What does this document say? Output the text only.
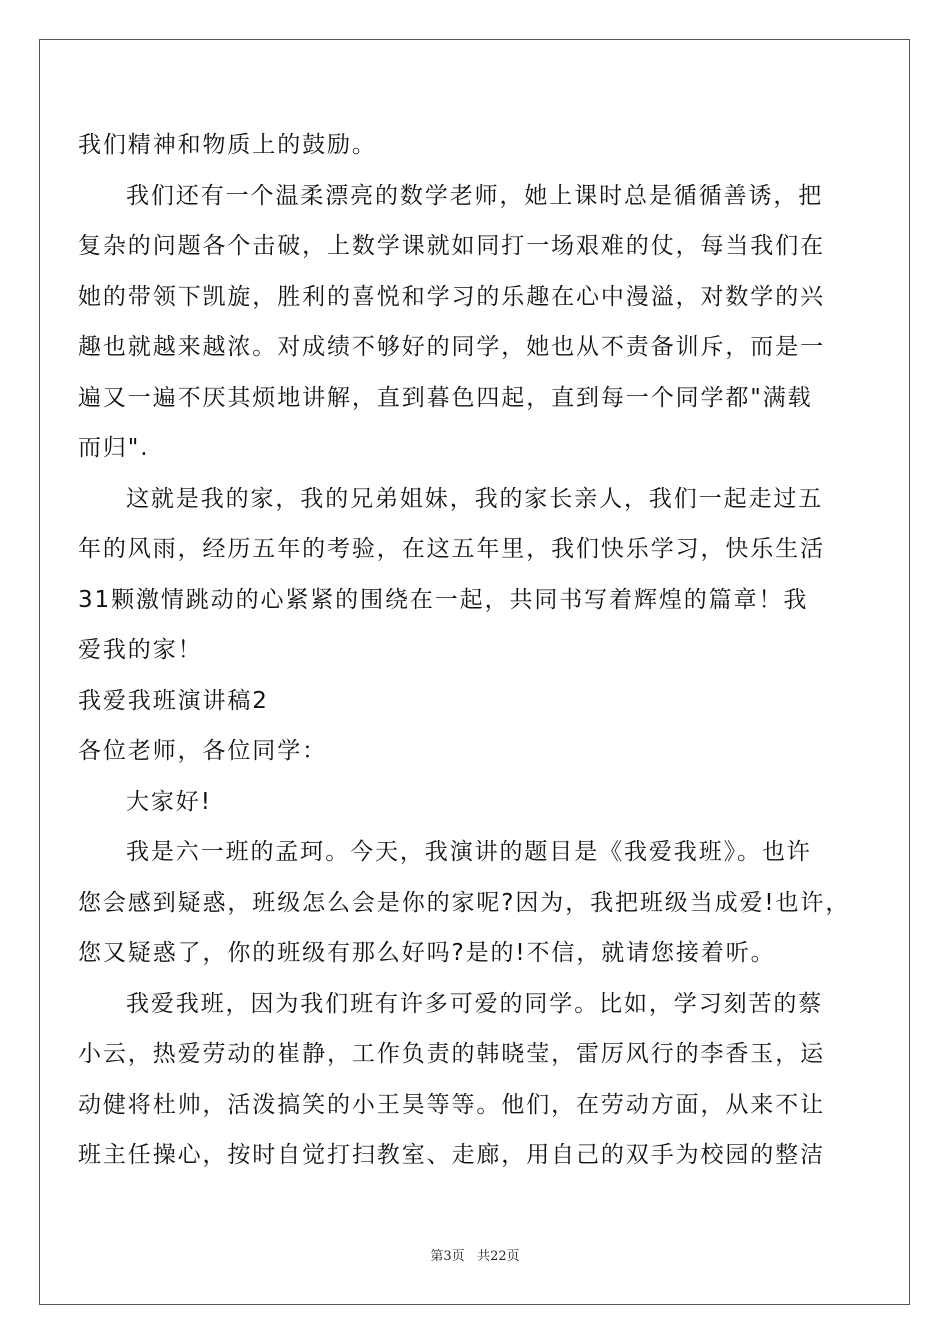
我们精神和物质上的鼓励。
我们还有一个温柔漂亮的数学老师，她上课时总是循循善诱，把
复杂的问题各个击破，上数学课就如同打一场艰难的仗，每当我们在
她的带领下凯旋，胜利的喜悦和学习的乐趣在心中漫溢，对数学的兴
趣也就越来越浓。对成绩不够好的同学，她也从不责备训斥，而是一
遍又一遍不厌其烦地讲解，直到暮色四起，直到每一个同学都"满载
而归".
这就是我的家，我的兄弟姐妹，我的家长亲人，我们一起走过五
年的风雨，经历五年的考验，在这五年里，我们快乐学习，快乐生活
31颗激情跳动的心紧紧的围绕在一起，共同书写着辉煌的篇章！我
爱我的家！
我爱我班演讲稿2
各位老师，各位同学：
大家好!
我是六一班的孟珂。今天，我演讲的题目是《我爱我班》。也许
您会感到疑惑，班级怎么会是你的家呢?因为，我把班级当成爱!也许，
您又疑惑了，你的班级有那么好吗?是的!不信，就请您接着听。
我爱我班，因为我们班有许多可爱的同学。比如，学习刻苦的蔡
小云，热爱劳动的崔静，工作负责的韩晓莹，雷厉风行的李香玉，运
动健将杜帅，活泼搞笑的小王昊等等。他们，在劳动方面，从来不让
班主任操心，按时自觉打扫教室、走廊，用自己的双手为校园的整洁
第3页 共22页
